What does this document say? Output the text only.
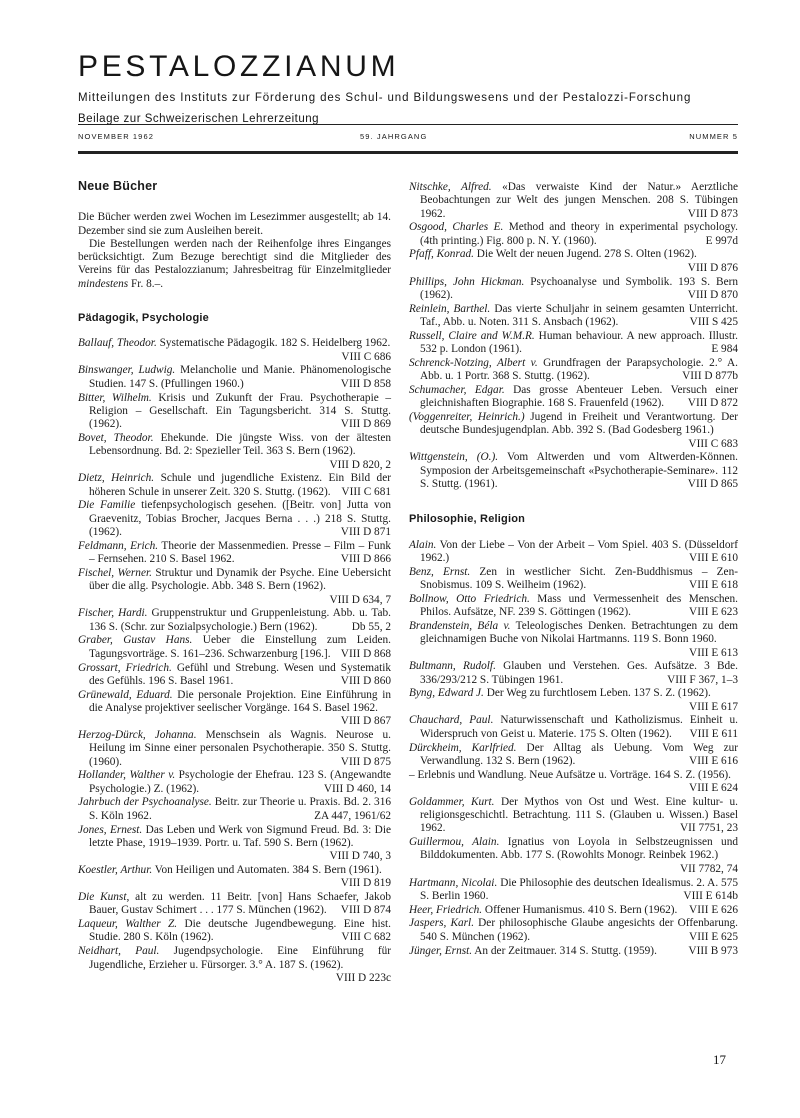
PESTALOZZIANUM
Mitteilungen des Instituts zur Förderung des Schul- und Bildungswesens und der Pestalozzi-Forschung
Beilage zur Schweizerischen Lehrerzeitung
NOVEMBER 1962	59. JAHRGANG	NUMMER 5
Neue Bücher

Die Bücher werden zwei Wochen im Lesezimmer ausgestellt; ab 14. Dezember sind sie zum Ausleihen bereit.

Die Bestellungen werden nach der Reihenfolge ihres Einganges berücksichtigt. Zum Bezuge berechtigt sind die Mitglieder des Vereins für das Pestalozzianum; Jahresbeitrag für Einzelmitglieder mindestens Fr. 8.–.

Pädagogik, Psychologie
Ballauf, Theodor. Systematische Pädagogik. 182 S. Heidelberg 1962.
VIII C 686
Binswanger, Ludwig. Melancholie und Manie. Phänomenologische Studien. 147 S. (Pfullingen 1960.)	VIII D 858
Bitter, Wilhelm. Krisis und Zukunft der Frau. Psychotherapie – Religion – Gesellschaft. Ein Tagungsbericht. 314 S. Stuttg. (1962).	VIII D 869
Bovet, Theodor. Ehekunde. Die jüngste Wiss. von der ältesten Lebensordnung. Bd. 2: Spezieller Teil. 363 S. Bern (1962).
VIII D 820, 2
Dietz, Heinrich. Schule und jugendliche Existenz. Ein Bild der höheren Schule in unserer Zeit. 320 S. Stuttg. (1962). VIII C 681
Die Familie tiefenpsychologisch gesehen. ([Beitr. von] Jutta von Graevenitz, Tobias Brocher, Jacques Berna . . .) 218 S. Stuttg. (1962).	VIII D 871
Feldmann, Erich. Theorie der Massenmedien. Presse – Film – Funk – Fernsehen. 210 S. Basel 1962.	VIII D 866
Fischel, Werner. Struktur und Dynamik der Psyche. Eine Uebersicht über die allg. Psychologie. Abb. 348 S. Bern (1962).
VIII D 634, 7
Fischer, Hardi. Gruppenstruktur und Gruppenleistung. Abb. u. Tab. 136 S. (Schr. zur Sozialpsychologie.) Bern (1962).	Db 55, 2
Graber, Gustav Hans. Ueber die Einstellung zum Leiden. Tagungsvorträge. S. 161–236. Schwarzenburg [196.]. VIII D 868
Grossart, Friedrich. Gefühl und Strebung. Wesen und Systematik des Gefühls. 196 S. Basel 1961.	VIII D 860
Grünewald, Eduard. Die personale Projektion. Eine Einführung in die Analyse projektiver seelischer Vorgänge. 164 S. Basel 1962.
VIII D 867
Herzog-Dürck, Johanna. Menschsein als Wagnis. Neurose u. Heilung im Sinne einer personalen Psychotherapie. 350 S. Stuttg. (1960).	VIII D 875
Hollander, Walther v. Psychologie der Ehefrau. 123 S. (Angewandte Psychologie.) Z. (1962).	VIII D 460, 14
Jahrbuch der Psychoanalyse. Beitr. zur Theorie u. Praxis. Bd. 2. 316 S. Köln 1962.	ZA 447, 1961/62
Jones, Ernest. Das Leben und Werk von Sigmund Freud. Bd. 3: Die letzte Phase, 1919–1939. Portr. u. Taf. 590 S. Bern (1962).
VIII D 740, 3
Koestler, Arthur. Von Heiligen und Automaten. 384 S. Bern (1961).
VIII D 819
Die Kunst, alt zu werden. 11 Beitr. [von] Hans Schaefer, Jakob Bauer, Gustav Schimert . . . 177 S. München (1962).	VIII D 874
Laqueur, Walther Z. Die deutsche Jugendbewegung. Eine hist. Studie. 280 S. Köln (1962).	VIII C 682
Neidhart, Paul. Jugendpsychologie. Eine Einführung für Jugendliche, Erzieher u. Fürsorger. 3.° A. 187 S. (1962).
VIII D 223c
Nitschke, Alfred. «Das verwaiste Kind der Natur.» Aerztliche Beobachtungen zur Welt des jungen Menschen. 208 S. Tübingen 1962.	VIII D 873
Osgood, Charles E. Method and theory in experimental psychology. (4th printing.) Fig. 800 p. N. Y. (1960).	E 997d
Pfaff, Konrad. Die Welt der neuen Jugend. 278 S. Olten (1962).
VIII D 876
Phillips, John Hickman. Psychoanalyse und Symbolik. 193 S. Bern (1962).	VIII D 870
Reinlein, Barthel. Das vierte Schuljahr in seinem gesamten Unterricht. Taf., Abb. u. Noten. 311 S. Ansbach (1962).	VIII S 425
Russell, Claire and W.M.R. Human behaviour. A new approach. Illustr. 532 p. London (1961).	E 984
Schrenck-Notzing, Albert v. Grundfragen der Parapsychologie. 2.° A. Abb. u. 1 Portr. 368 S. Stuttg. (1962).	VIII D 877b
Schumacher, Edgar. Das grosse Abenteuer Leben. Versuch einer gleichnishaften Biographie. 168 S. Frauenfeld (1962).	VIII D 872
(Voggenreiter, Heinrich.) Jugend in Freiheit und Verantwortung. Der deutsche Bundesjugendplan. Abb. 392 S. (Bad Godesberg 1961.)
VIII C 683
Wittgenstein, (O.). Vom Altwerden und vom Altwerden-Können. Symposion der Arbeitsgemeinschaft «Psychotherapie-Seminare». 112 S. Stuttg. (1961).	VIII D 865
Philosophie, Religion
Alain. Von der Liebe – Von der Arbeit – Vom Spiel. 403 S. (Düsseldorf 1962.)	VIII E 610
Benz, Ernst. Zen in westlicher Sicht. Zen-Buddhismus – Zen-Snobismus. 109 S. Weilheim (1962).	VIII E 618
Bollnow, Otto Friedrich. Mass und Vermessenheit des Menschen. Philos. Aufsätze, NF. 239 S. Göttingen (1962).	VIII E 623
Brandenstein, Béla v. Teleologisches Denken. Betrachtungen zu dem gleichnamigen Buche von Nikolai Hartmanns. 119 S. Bonn 1960.
VIII E 613
Bultmann, Rudolf. Glauben und Verstehen. Ges. Aufsätze. 3 Bde. 336/293/212 S. Tübingen 1961.	VIII F 367, 1–3
Byng, Edward J. Der Weg zu furchtlosem Leben. 137 S. Z. (1962).
VIII E 617
Chauchard, Paul. Naturwissenschaft und Katholizismus. Einheit u. Widerspruch von Geist u. Materie. 175 S. Olten (1962).	VIII E 611
Dürckheim, Karlfried. Der Alltag als Uebung. Vom Weg zur Verwandlung. 132 S. Bern (1962).	VIII E 616
– Erlebnis und Wandlung. Neue Aufsätze u. Vorträge. 164 S. Z. (1956).
VIII E 624
Goldammer, Kurt. Der Mythos von Ost und West. Eine kultur- u. religionsgeschichtl. Betrachtung. 111 S. (Glauben u. Wissen.) Basel 1962.	VII 7751, 23
Guillermou, Alain. Ignatius von Loyola in Selbstzeugnissen und Bilddokumenten. Abb. 177 S. (Rowohlts Monogr. Reinbek 1962.)
VII 7782, 74
Hartmann, Nicolai. Die Philosophie des deutschen Idealismus. 2. A. 575 S. Berlin 1960.	VIII E 614b
Heer, Friedrich. Offener Humanismus. 410 S. Bern (1962).	VIII E 626
Jaspers, Karl. Der philosophische Glaube angesichts der Offenbarung. 540 S. München (1962).	VIII E 625
Jünger, Ernst. An der Zeitmauer. 314 S. Stuttg. (1959).	VIII B 973
17
